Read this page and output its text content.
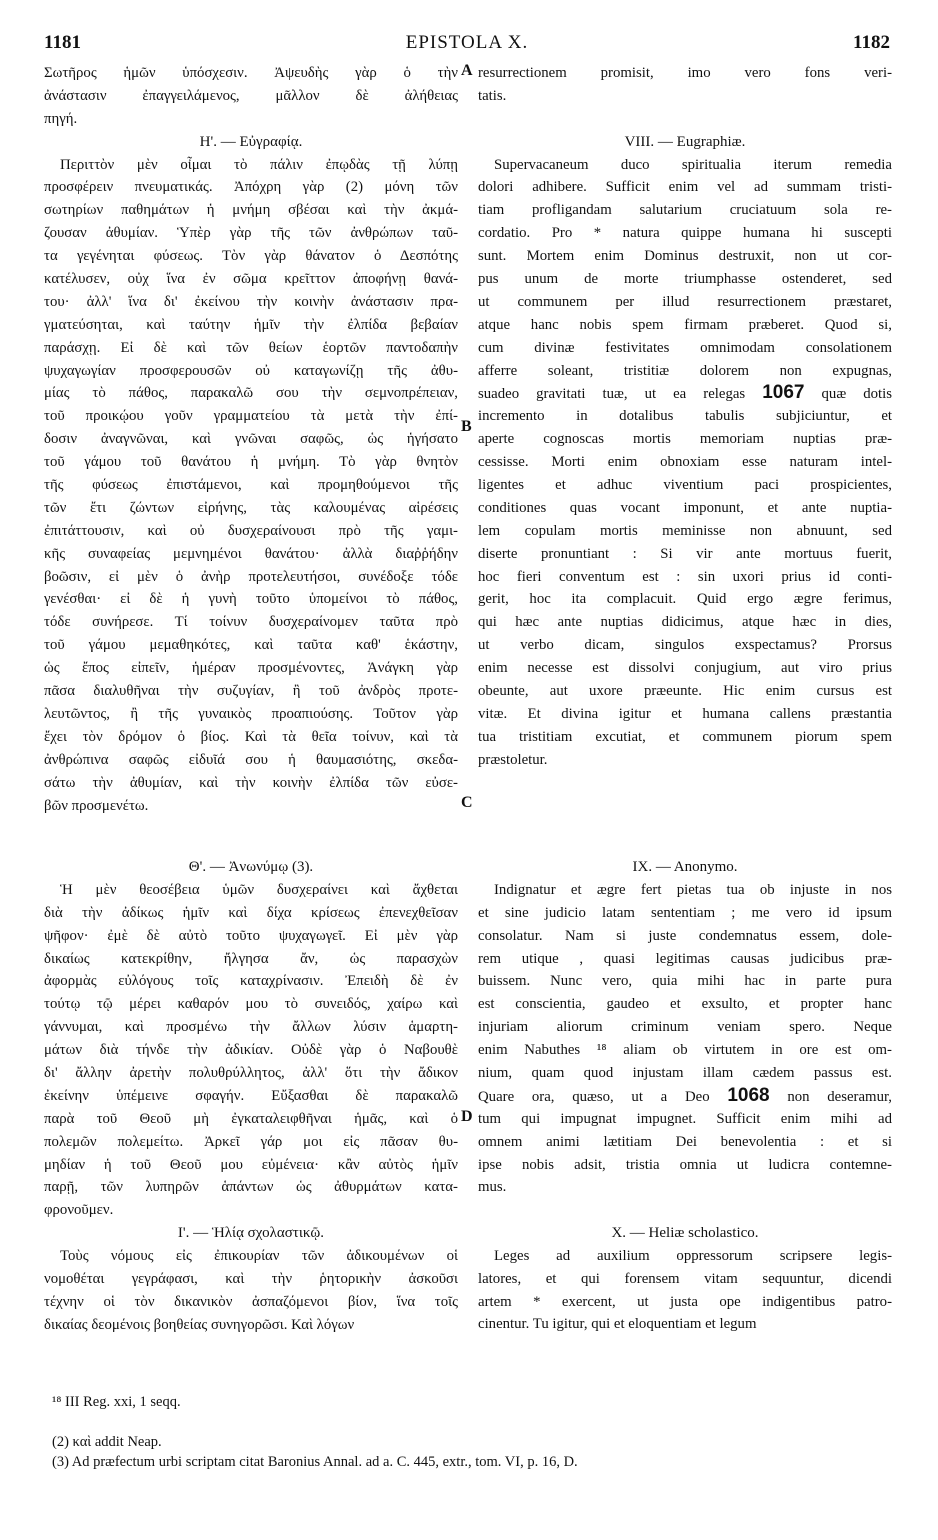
1181	EPISTOLA X.	1182
Σωτῆρος ἡμῶν ὑπόσχεσιν. Ἀψευδὴς γὰρ ὁ τὴν
ἀνάστασιν ἐπαγγειλάμενος, μᾶλλον δὲ ἀλήθειας
πηγή.
Η'. — Εὐγραφίᾳ.
Περιττὸν μὲν οἶμαι τὸ πάλιν ἐπῳδὰς τῇ λύπῃ
προσφέρειν πνευματικάς. Ἀπόχρη γὰρ (2) μόνη τῶν
σωτηρίων παθημάτων ἡ μνήμη σβέσαι καὶ τὴν ἀκμά-
ζουσαν ἀθυμίαν. Ὑπὲρ γὰρ τῆς τῶν ἀνθρώπων ταῦ-
τα γεγένηται φύσεως. Τὸν γὰρ θάνατον ὁ Δεσπότης
κατέλυσεν, οὐχ ἵνα ἐν σῶμα κρεῖττον ἀποφήνῃ θανά-
του· ἀλλ' ἵνα δι' ἐκείνου τὴν κοινὴν ἀνάστασιν πρα-
γματεύσηται, καὶ ταύτην ἡμῖν τὴν ἐλπίδα βεβαίαν
παράσχῃ. Εἰ δὲ καὶ τῶν θείων ἑορτῶν παντοδαπὴν
ψυχαγωγίαν προσφερουσῶν οὐ καταγωνίζῃ τῆς ἀθυ-
μίας τὸ πάθος, παρακαλῶ σου τὴν σεμνοπρέπειαν,
τοῦ προικῴου γοῦν γραμματείου τὰ μετὰ τὴν ἐπί-
δοσιν ἀναγνῶναι, καὶ γνῶναι σαφῶς, ὡς ἡγήσατο
τοῦ γάμου τοῦ θανάτου ἡ μνήμη. Τὸ γὰρ θνητὸν
τῆς φύσεως ἐπιστάμενοι, καὶ προμηθούμενοι τῆς
τῶν ἔτι ζώντων εἰρήνης, τὰς καλουμένας αἱρέσεις
ἐπιτάττουσιν, καὶ οὐ δυσχεραίνουσι πρὸ τῆς γαμι-
κῆς συναφείας μεμνημένοι θανάτου· ἀλλὰ διαῤῥήδην
βοῶσιν, εἰ μὲν ὁ ἀνὴρ προτελευτήσοι, συνέδοξε τόδε
γενέσθαι· εἰ δὲ ἡ γυνὴ τοῦτο ὑπομείνοι τὸ πάθος,
τόδε συνήρεσε. Τί τοίνυν δυσχεραίνομεν ταῦτα πρὸ
τοῦ γάμου μεμαθηκότες, καὶ ταῦτα καθ' ἑκάστην,
ὡς ἔπος εἰπεῖν, ἡμέραν προσμένοντες, Ἀνάγκη γὰρ
πᾶσα διαλυθῆναι τὴν συζυγίαν, ἢ τοῦ ἀνδρὸς προτε-
λευτῶντος, ἢ τῆς γυναικὸς προαπιούσης. Τοῦτον γὰρ
ἔχει τὸν δρόμον ὁ βίος. Καὶ τὰ θεῖα τοίνυν, καὶ τὰ
ἀνθρώπινα σαφῶς εἰδυῖά σου ἡ θαυμασιότης, σκεδα-
σάτω τὴν ἀθυμίαν, καὶ τὴν κοινὴν ἐλπίδα τῶν εὐσε-
βῶν προσμενέτω.
resurrectionem promisit, imo vero fons veri-
tatis.
VIII. — Eugraphiæ.
Supervacaneum duco spiritualia iterum remedia
dolori adhibere. Sufficit enim vel ad summam tristi-
tiam profligandam salutarium cruciatuum sola re-
cordatio. Pro * natura quippe humana hi suscepti
sunt. Mortem enim Dominus destruxit, non ut cor-
pus unum de morte triumphasse ostenderet, sed
ut communem per illud resurrectionem præstaret,
atque hanc nobis spem firmam præberet. Quod si,
cum divinæ festivitates omnimodam consolationem
afferre soleant, tristitiæ dolorem non expugnas,
suadeo gravitati tuæ, ut ea relegas 1067 quæ dotis
incremento in dotalibus tabulis subjiciuntur, et
aperte cognoscas mortis memoriam nuptias præ-
cessisse. Morti enim obnoxiam esse naturam intel-
ligentes et adhuc viventium paci prospicientes,
conditiones quas vocant imponunt, et ante nuptia-
lem copulam mortis meminisse non abnuunt, sed
diserte pronuntiant : Si vir ante mortuus fuerit,
hoc fieri conventum est : sin uxori prius id conti-
gerit, hoc ita complacuit. Quid ergo ægre ferimus,
qui hæc ante nuptias didicimus, atque hæc in dies,
ut verbo dicam, singulos exspectamus? Prorsus
enim necesse est dissolvi conjugium, aut viro prius
obeunte, aut uxore præeunte. Hic enim cursus est
vitæ. Et divina igitur et humana callens præstantia
tua tristitiam excutiat, et communem piorum spem
præstoletur.
Θ'. — Ἀνωνύμῳ (3).
Ἡ μὲν θεοσέβεια ὑμῶν δυσχεραίνει καὶ ἄχθεται
διὰ τὴν ἀδίκως ἡμῖν καὶ δίχα κρίσεως ἐπενεχθεῖσαν
ψῆφον· ἐμὲ δὲ αὐτὸ τοῦτο ψυχαγωγεῖ. Εἰ μὲν γὰρ
δικαίως κατεκρίθην, ἤλγησα ἄν, ὡς παρασχὼν
ἀφορμὰς εὐλόγους τοῖς καταχρίνασιν. Ἐπειδὴ δὲ ἐν
τούτῳ τῷ μέρει καθαρόν μου τὸ συνειδός, χαίρω καὶ
γάννυμαι, καὶ προσμένω τὴν ἄλλων λύσιν ἁμαρτη-
μάτων διὰ τήνδε τὴν ἀδικίαν. Οὐδὲ γὰρ ὁ Ναβουθὲ
δι' ἄλλην ἀρετὴν πολυθρύλλητος, ἀλλ' ὅτι τὴν ἄδικον
ἐκείνην ὑπέμεινε σφαγήν. Εὔξασθαι δὲ παρακαλῶ
παρὰ τοῦ Θεοῦ μὴ ἐγκαταλειφθῆναι ἡμᾶς, καὶ ὁ
πολεμῶν πολεμείτω. Ἀρκεῖ γάρ μοι εἰς πᾶσαν θυ-
μηδίαν ἡ τοῦ Θεοῦ μου εὐμένεια· κἂν αὐτὸς ἡμῖν
παρῇ, τῶν λυπηρῶν ἁπάντων ὡς ἀθυρμάτων κατα-
φρονοῦμεν.
IX. — Anonymo.
Indignatur et ægre fert pietas tua ob injuste in nos
et sine judicio latam sententiam ; me vero id ipsum
consolatur. Nam si juste condemnatus essem, dole-
rem utique , quasi legitimas causas judicibus præ-
buissem. Nunc vero, quia mihi hac in parte pura
est conscientia, gaudeo et exsulto, et propter hanc
injuriam aliorum criminum veniam spero. Neque
enim Nabuthes ¹⁸ aliam ob virtutem in ore est om-
nium, quam quod injustam illam cædem passus est.
Quare ora, quæso, ut a Deo 1068 non deseramur,
tum qui impugnat impugnet. Sufficit enim mihi ad
omnem animi lætitiam Dei benevolentia : et si
ipse nobis adsit, tristia omnia ut ludicra contemne-
mus.
Ι'. — Ἡλίᾳ σχολαστικῷ.
Τοὺς νόμους εἰς ἐπικουρίαν τῶν ἀδικουμένων οἱ
νομοθέται γεγράφασι, καὶ τὴν ῥητορικὴν ἀσκοῦσι
τέχνην οἱ τὸν δικανικὸν ἀσπαζόμενοι βίον, ἵνα τοῖς
δικαίας δεομένοις βοηθείας συνηγορῶσι. Καὶ λόγων
X. — Heliæ scholastico.
Leges ad auxilium oppressorum scripsere legis-
latores, et qui forensem vitam sequuntur, dicendi
artem * exercent, ut justa ope indigentibus patro-
cinentur. Tu igitur, qui et eloquentiam et legum
A
B
C
D
¹⁸ III Reg. xxi, 1 seqq.
(2) καὶ addit Neap.
(3) Ad præfectum urbi scriptam citat Baronius Annal. ad a. C. 445, extr., tom. VI, p. 16, D.
